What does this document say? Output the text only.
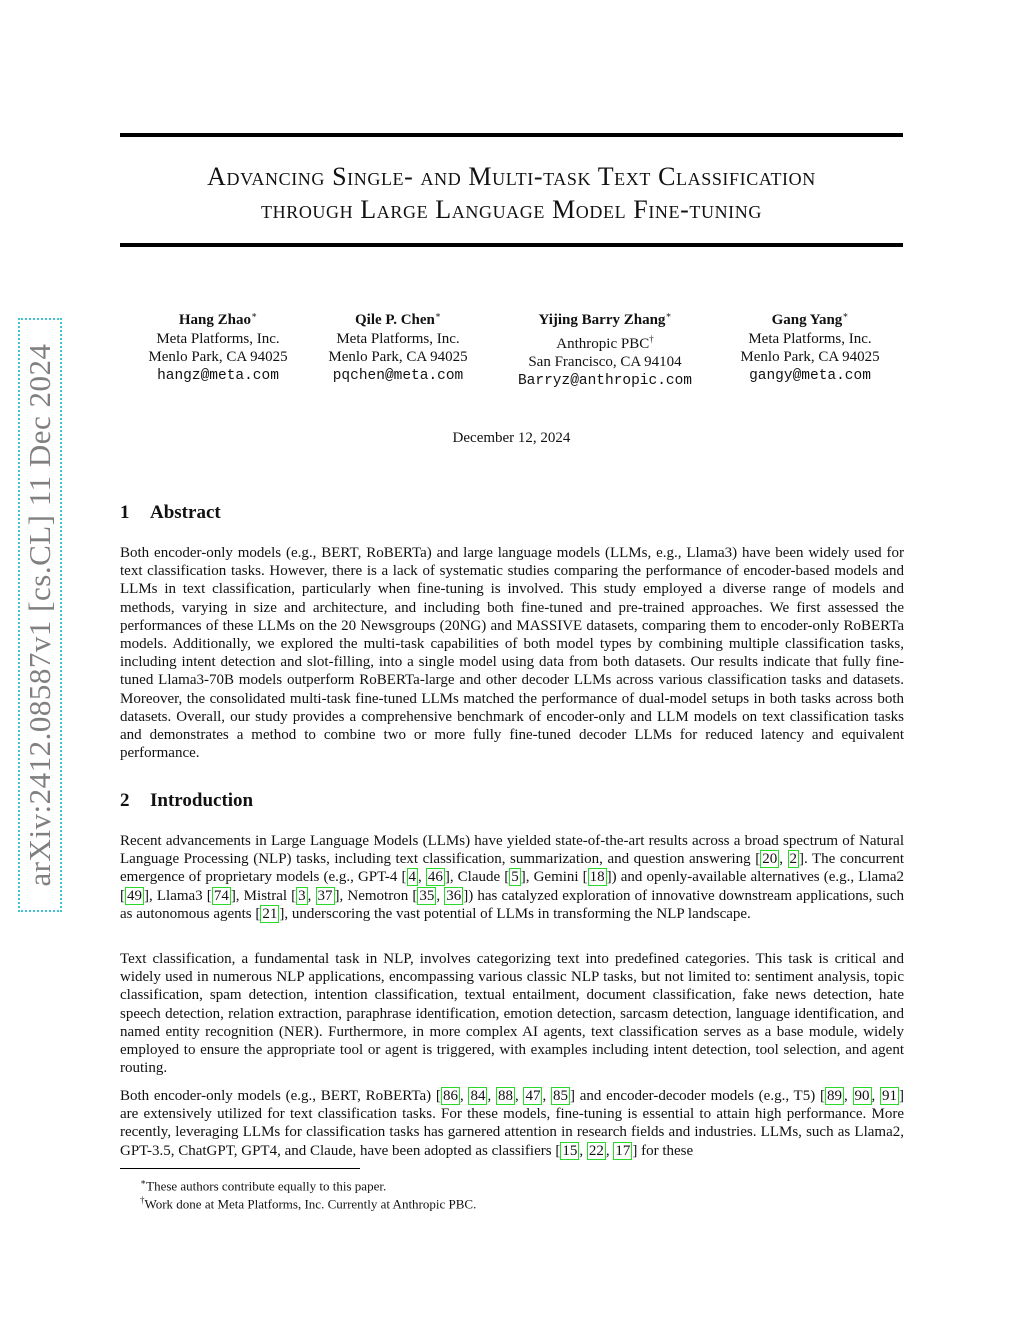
arXiv:2412.08587v1 [cs.CL] 11 Dec 2024
Advancing Single- and Multi-task Text Classification
through Large Language Model Fine-tuning
Hang Zhao∗
Meta Platforms, Inc.
Menlo Park, CA 94025
hangz@meta.com
Qile P. Chen∗
Meta Platforms, Inc.
Menlo Park, CA 94025
pqchen@meta.com
Yijing Barry Zhang∗
Anthropic PBC†
San Francisco, CA 94104
Barryz@anthropic.com
Gang Yang∗
Meta Platforms, Inc.
Menlo Park, CA 94025
gangy@meta.com
December 12, 2024
1 Abstract
Both encoder-only models (e.g., BERT, RoBERTa) and large language models (LLMs, e.g., Llama3) have been widely used for text classification tasks. However, there is a lack of systematic studies comparing the performance of encoder-based models and LLMs in text classification, particularly when fine-tuning is involved. This study employed a diverse range of models and methods, varying in size and architecture, and including both fine-tuned and pre-trained approaches. We first assessed the performances of these LLMs on the 20 Newsgroups (20NG) and MASSIVE datasets, comparing them to encoder-only RoBERTa models. Additionally, we explored the multi-task capabilities of both model types by combining multiple classification tasks, including intent detection and slot-filling, into a single model using data from both datasets. Our results indicate that fully fine-tuned Llama3-70B models outperform RoBERTa-large and other decoder LLMs across various classification tasks and datasets. Moreover, the consolidated multi-task fine-tuned LLMs matched the performance of dual-model setups in both tasks across both datasets. Overall, our study provides a comprehensive benchmark of encoder-only and LLM models on text classification tasks and demonstrates a method to combine two or more fully fine-tuned decoder LLMs for reduced latency and equivalent performance.
2 Introduction
Recent advancements in Large Language Models (LLMs) have yielded state-of-the-art results across a broad spectrum of Natural Language Processing (NLP) tasks, including text classification, summarization, and question answering [ 20 , 2 ]. The concurrent emergence of proprietary models (e.g., GPT-4 [ 4 , 46 ], Claude [ 5 ], Gemini [ 18 ]) and openly-available alternatives (e.g., Llama2 [ 49 ], Llama3 [ 74 ], Mistral [ 3 , 37 ], Nemotron [ 35 , 36 ]) has catalyzed exploration of innovative downstream applications, such as autonomous agents [ 21 ], underscoring the vast potential of LLMs in transforming the NLP landscape.
Text classification, a fundamental task in NLP, involves categorizing text into predefined categories. This task is critical and widely used in numerous NLP applications, encompassing various classic NLP tasks, but not limited to: sentiment analysis, topic classification, spam detection, intention classification, textual entailment, document classification, fake news detection, hate speech detection, relation extraction, paraphrase identification, emotion detection, sarcasm detection, language identification, and named entity recognition (NER). Furthermore, in more complex AI agents, text classification serves as a base module, widely employed to ensure the appropriate tool or agent is triggered, with examples including intent detection, tool selection, and agent routing.
Both encoder-only models (e.g., BERT, RoBERTa) [ 86 , 84 , 88 , 47 , 85 ] and encoder-decoder models (e.g., T5) [ 89 , 90 , 91 ] are extensively utilized for text classification tasks. For these models, fine-tuning is essential to attain high performance. More recently, leveraging LLMs for classification tasks has garnered attention in research fields and industries. LLMs, such as Llama2, GPT-3.5, ChatGPT, GPT4, and Claude, have been adopted as classifiers [ 15 , 22 , 17 ] for these
∗These authors contribute equally to this paper.
†Work done at Meta Platforms, Inc. Currently at Anthropic PBC.
